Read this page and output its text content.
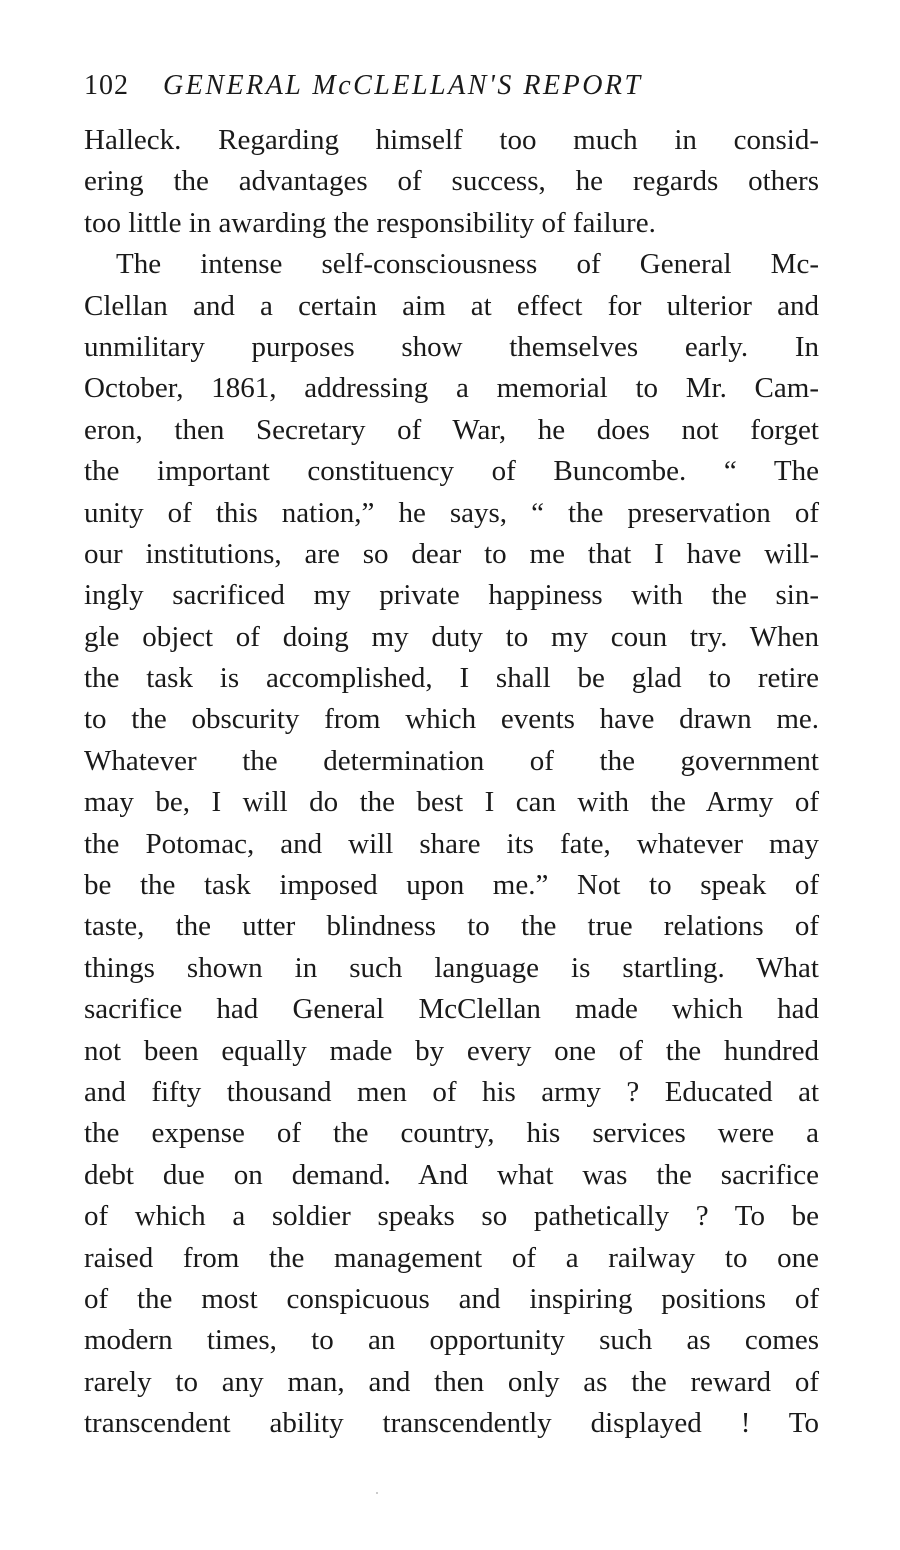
102 GENERAL McCLELLAN'S REPORT
Halleck. Regarding himself too much in consid-
ering the advantages of success, he regards others
too little in awarding the responsibility of failure.
The intense self-consciousness of General Mc-
Clellan and a certain aim at effect for ulterior and
unmilitary purposes show themselves early. In
October, 1861, addressing a memorial to Mr. Cam-
eron, then Secretary of War, he does not forget
the important constituency of Buncombe. “ The
unity of this nation,” he says, “ the preservation of
our institutions, are so dear to me that I have will-
ingly sacrificed my private happiness with the sin-
gle object of doing my duty to my coun try. When
the task is accomplished, I shall be glad to retire
to the obscurity from which events have drawn me.
Whatever the determination of the government
may be, I will do the best I can with the Army of
the Potomac, and will share its fate, whatever may
be the task imposed upon me.” Not to speak of
taste, the utter blindness to the true relations of
things shown in such language is startling. What
sacrifice had General McClellan made which had
not been equally made by every one of the hundred
and fifty thousand men of his army ? Educated at
the expense of the country, his services were a
debt due on demand. And what was the sacrifice
of which a soldier speaks so pathetically ? To be
raised from the management of a railway to one
of the most conspicuous and inspiring positions of
modern times, to an opportunity such as comes
rarely to any man, and then only as the reward of
transcendent ability transcendently displayed ! To
